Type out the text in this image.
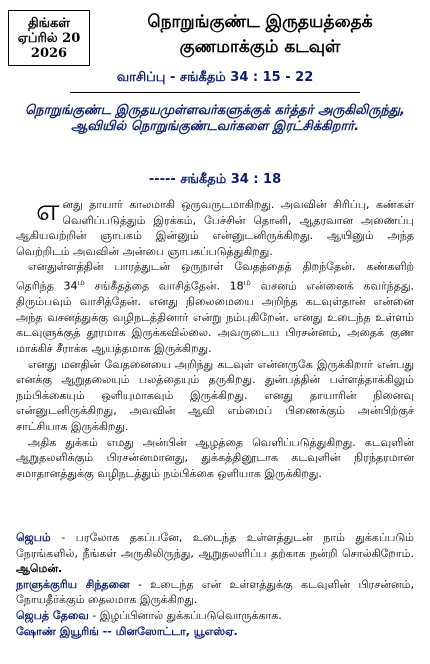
திங்கள்
ஏப்ரில் 20
2026
நொறுங்குண்ட இருதயத்தைக்
குணமாக்கும் கடவுள்
வாசிப்பு - சங்கீதம் 34 : 15 - 22
நொறுங்குண்ட இருதயமுள்ளவர்களுக்குக் கர்த்தர் அருகிலிருந்து, ஆவியில் நொறுங்குண்டவர்களை இரட்சிக்கிறார்.
----- சங்கீதம் 34 : 18

எனது தாயார் காலமாகி ஒருவருடமாகிறது. அவவின் சிரிப்பு, கண்கள் வெளிப்படுத்தும் இரக்கம், பேச்சின் தொனி, ஆதரவான அணைப்பு ஆகியவற்றின் ஞாபகம் இன்னும் என்னுடனிருக்கிறது. ஆயினும் அந்த வெற்றிடம் அவவின் அன்பை ஞாபகப்படுத்துகிறது.

எனதுள்ளத்தின் பாரத்துடன் ஒருநாள் வேதத்தைத் திறந்தேன். கண்களிற் தெரிந்த $34^ம$ சங்கீதத்தை வாசித்தேன். $18^ம$ வசனம் என்னைக் கவர்ந்தது. திரும்பவும் வாசித்தேன். எனது நிலைமையை அறிந்த கடவுள்தான் என்னை அந்த வசனத்துக்கு வழிநடத்தினார் என்று நம்புகிறேன். எனது உடைந்த உள்ளம் கடவுளுக்குத் தூரமாக இருக்கவில்லை. அவருடைய பிரசன்னம், அதைக் குண மாக்கிச் சீராக்க ஆயத்தமாக இருக்கிறது.

எனது மனதின் வேதனையை அறிந்து கடவுள் என்னருகே இருக்கிறார் என்பது எனக்கு ஆறுதலையும் பலத்தையும் தருகிறது. துன்பத்தின் பள்ளத்தாக்கிலும் நம்பிக்கையும் ஒளியுமாகவும் இருக்கிறது. எனது தாயாரின் நினைவு என்னுடனிருக்கிறது, அவவின் ஆவி எம்மைப் பிணைக்கும் அன்பிற்குச் சாட்சியாக இருக்கிறது.

அதிக துக்கம் எமது அன்பின் ஆழத்தை வெளிப்படுத்துகிறது. கடவுளின் ஆறுதலளிக்கும் பிரசன்னமானது, துக்கத்தினூடாக கடவுளின் நிரந்தரமான சமாதானத்துக்கு வழிநடத்தும் நம்பிக்கை ஒளியாக இருக்கிறது.

ஜெபம் - பரலோக தகப்பனே, உடைந்த உள்ளத்துடன் நாம் துக்கப்படும் நேரங்களில், நீங்கள் அருகிலிருந்து, ஆறுதலளிப்ப தற்காக நன்றி சொல்கிறோம். ஆமென்.

நாளுக்குரிய சிந்தனை - உடைந்த என் உள்ளத்துக்கு கடவுளின் பிரசன்னம், நோயதீர்க்கும் தைலமாக இருக்கிறது.

ஜெபத் தேவை - இழப்பினால் துக்கப்படுவொருக்காக.

ஷோண் இயூரிங் -- மினஸோட்டா, யூஎஸ்ஏ.
